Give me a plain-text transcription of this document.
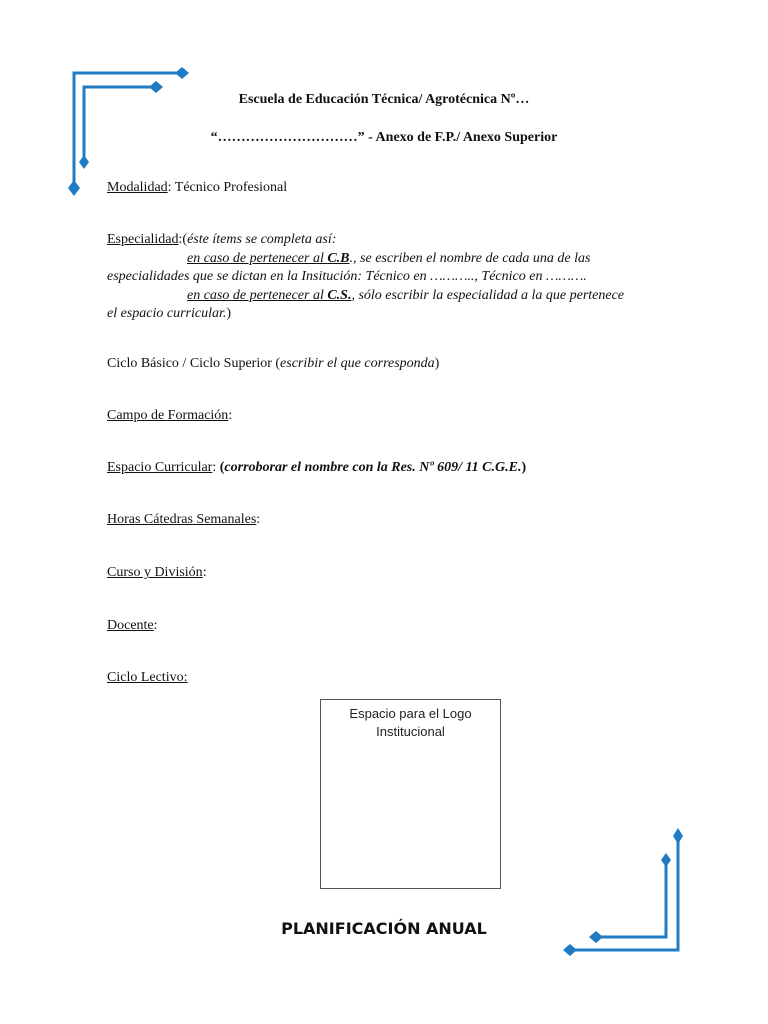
Escuela de Educación Técnica/ Agrotécnica Nº…
“…………………………” - Anexo de F.P./ Anexo Superior
Modalidad: Técnico Profesional
Especialidad:(éste ítems se completa así:
en caso de pertenecer al C.B., se escriben el nombre de cada una de las
especialidades que se dictan en la Insitución: Técnico en ……….., Técnico en ……….
en caso de pertenecer al C.S., sólo escribir la especialidad a la que pertenece
el espacio curricular.)
Ciclo Básico / Ciclo Superior (escribir el que corresponda)
Campo de Formación:
Espacio Curricular: (corroborar el nombre con la Res. Nº 609/ 11 C.G.E.)
Horas Cátedras Semanales:
Curso y División:
Docente:
Ciclo Lectivo:
Espacio para el Logo
Institucional
PLANIFICACIÓN ANUAL
